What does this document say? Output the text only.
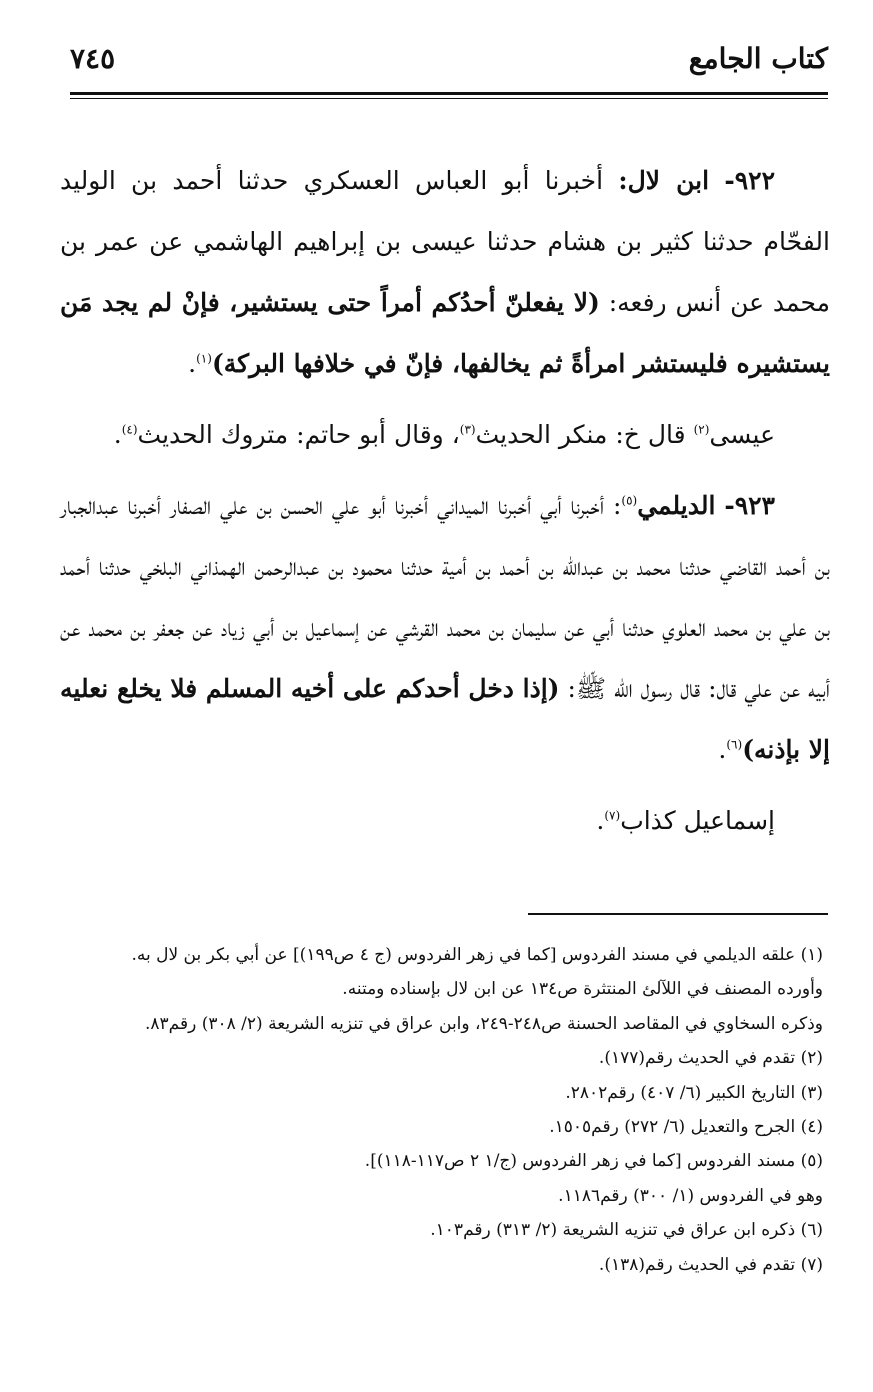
كتاب الجامع
٧٤٥

٩٢٢- ابن لال: أخبرنا أبو العباس العسكري حدثنا أحمد بن الوليد الفحّام حدثنا كثير بن هشام حدثنا عيسى بن إبراهيم الهاشمي عن عمر بن محمد عن أنس رفعه: (لا يفعلنّ أحدُكم أمراً حتى يستشير، فإنْ لم يجد مَن يستشيره فليستشر امرأةً ثم يخالفها، فإنّ في خلافها البركة)$^{(١)}$.

عيسى$^{(٢)}$ قال خ: منكر الحديث$^{(٣)}$، وقال أبو حاتم: متروك الحديث$^{(٤)}$.

٩٢٣- الديلمي$^{(٥)}$: أخبرنا أبي أخبرنا الميداني أخبرنا أبو علي الحسن بن علي الصفار أخبرنا عبدالجبار بن أحمد القاضي حدثنا محمد بن عبدالله بن أحمد بن أمية حدثنا محمود بن عبدالرحمن الهمذاني البلخي حدثنا أحمد بن علي بن محمد العلوي حدثنا أبي عن سليمان بن محمد القرشي عن إسماعيل بن أبي زياد عن جعفر بن محمد عن أبيه عن علي قال: قال رسول الله ﷺ: (إذا دخل أحدكم على أخيه المسلم فلا يخلع نعليه إلا بإذنه)$^{(٦)}$.

إسماعيل كذاب$^{(٧)}$.

(١) علقه الديلمي في مسند الفردوس [كما في زهر الفردوس (ج ٤ ص١٩٩)] عن أبي بكر بن لال به.
وأورده المصنف في اللآلئ المنتثرة ص١٣٤ عن ابن لال بإسناده ومتنه.
وذكره السخاوي في المقاصد الحسنة ص٢٤٨-٢٤٩، وابن عراق في تنزيه الشريعة (٢/ ٣٠٨) رقم٨٣.
(٢) تقدم في الحديث رقم(١٧٧).
(٣) التاريخ الكبير (٦/ ٤٠٧) رقم٢٨٠٢.
(٤) الجرح والتعديل (٦/ ٢٧٢) رقم١٥٠٥.
(٥) مسند الفردوس [كما في زهر الفردوس (ج/١ ٢ ص١١٧-١١٨)].
وهو في الفردوس (١/ ٣٠٠) رقم١١٨٦.
(٦) ذكره ابن عراق في تنزيه الشريعة (٢/ ٣١٣) رقم١٠٣.
(٧) تقدم في الحديث رقم(١٣٨).
